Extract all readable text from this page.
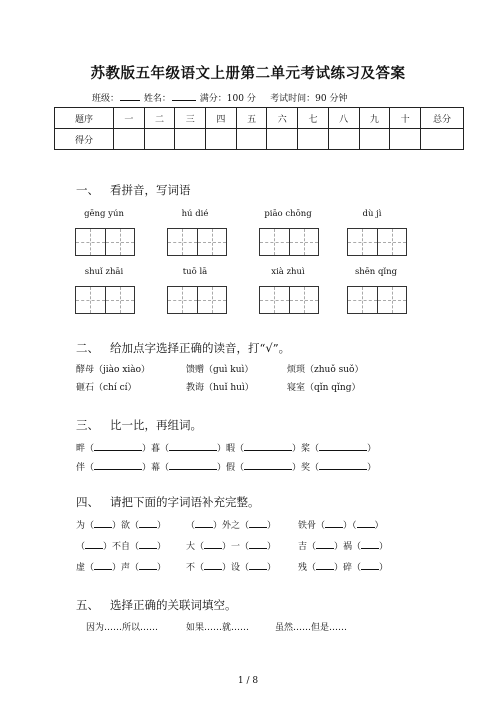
苏教版五年级语文上册第二单元考试练习及答案
班级：	姓名：	满分：100 分 考试时间：90 分钟
题序	一	二	三	四	五	六	七	八	九	十	总分
得分											
一、 看拼音，写词语
gēng yún	hú dié	piāo chōng	dù jì
shuǐ zhāi	tuō lā	xià zhuì	shēn qǐng
二、 给加点字选择正确的读音，打“√”。
酵母（jiào xiào）	馈赠（guì kuì）	烦琐（zhuǒ suǒ）
砸石（chí cí）	教诲（huǐ huì）	寝室（qǐn qǐng）
三、 比一比，再组词。
畔（	）暮（	）暇（	）桨（	）
伴（	）幕（	）假（	）奖（	）
四、 请把下面的字词语补充完整。
为（ ）欲（ ） （ ）外之（ ） 铁骨（ ）（ ）
（ ）不自（ ） 大（ ）一（ ） 吉（ ）祸（ ）
虚（ ）声（ ） 不（ ）设（ ） 残（ ）碎（ ）
五、 选择正确的关联词填空。
因为……所以……	如果……就……	虽然……但是……
1 / 8
